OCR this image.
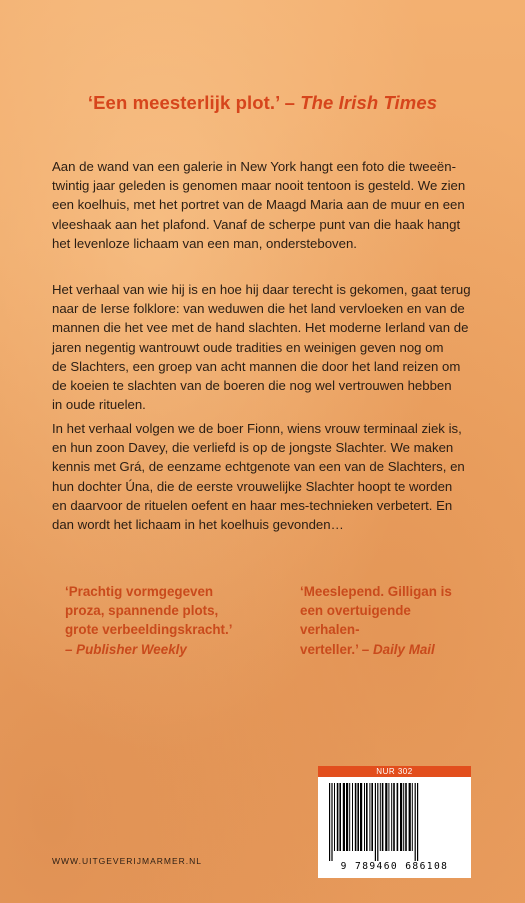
‘Een meesterlijk plot.’ – The Irish Times

Aan de wand van een galerie in New York hangt een foto die tweeën-

twintig jaar geleden is genomen maar nooit tentoon is gesteld. We zien

een koelhuis, met het portret van de Maagd Maria aan de muur en een

vleeshaak aan het plafond. Vanaf de scherpe punt van die haak hangt

het levenloze lichaam van een man, ondersteboven.

Het verhaal van wie hij is en hoe hij daar terecht is gekomen, gaat terug

naar de Ierse folklore: van weduwen die het land vervloeken en van de

mannen die het vee met de hand slachten. Het moderne Ierland van de

jaren negentig wantrouwt oude tradities en weinigen geven nog om

de Slachters, een groep van acht mannen die door het land reizen om

de koeien te slachten van de boeren die nog wel vertrouwen hebben

in oude rituelen.

In het verhaal volgen we de boer Fionn, wiens vrouw terminaal ziek is,

en hun zoon Davey, die verliefd is op de jongste Slachter. We maken

kennis met Grá, de eenzame echtgenote van een van de Slachters, en

hun dochter Úna, die de eerste vrouwelijke Slachter hoopt te worden

en daarvoor de rituelen oefent en haar mes-technieken verbetert. En

dan wordt het lichaam in het koelhuis gevonden…

‘Prachtig vormgegeven
proza, spannende plots,
grote verbeeldingskracht.’
– Publisher Weekly
‘Meeslepend. Gilligan is
een overtuigende verhalen-
verteller.’ – Daily Mail
WWW.UITGEVERIJMARMER.NL
NUR 302
9 789460 686108
